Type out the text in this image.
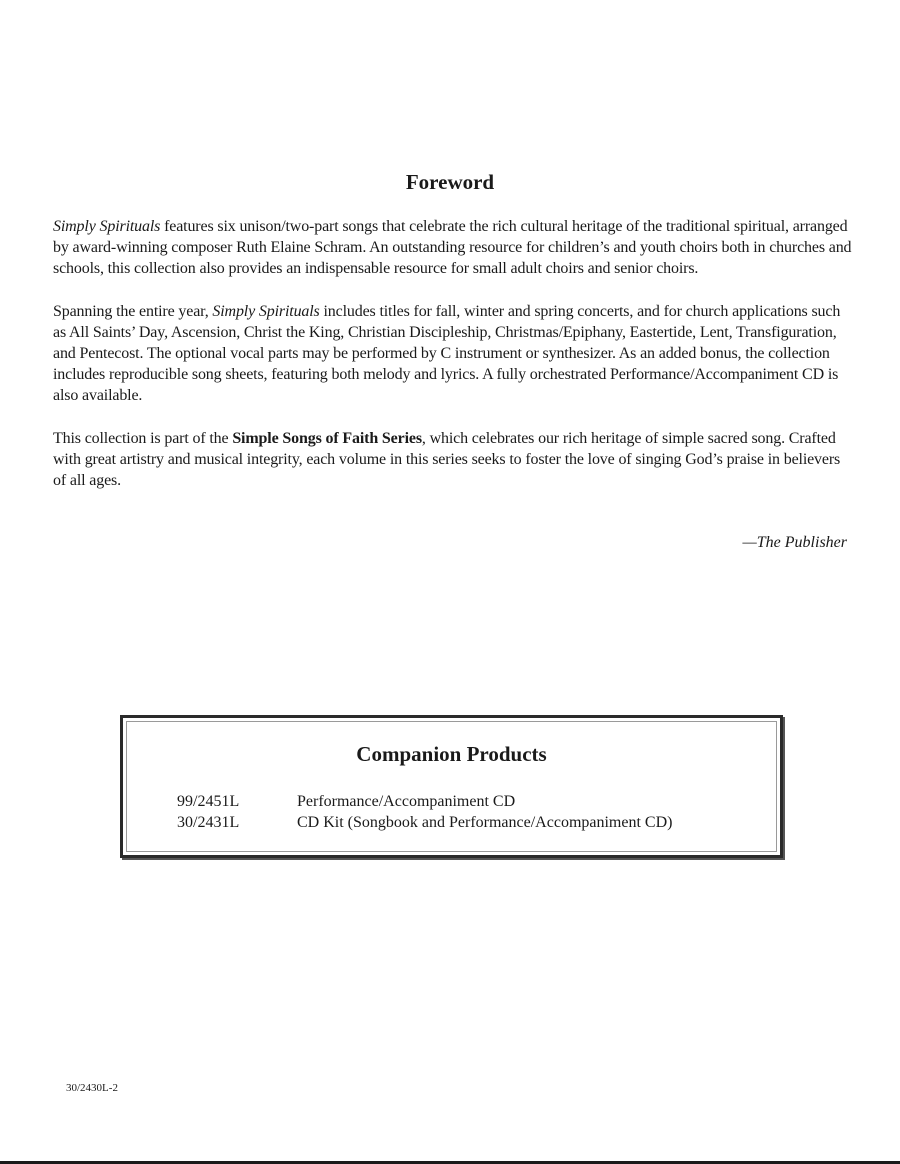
Foreword

Simply Spirituals features six unison/two-part songs that celebrate the rich cultural heritage of the traditional spiritual, arranged by award-winning composer Ruth Elaine Schram. An outstanding resource for children’s and youth choirs both in churches and schools, this collection also provides an indispensable resource for small adult choirs and senior choirs.

Spanning the entire year, Simply Spirituals includes titles for fall, winter and spring concerts, and for church applications such as All Saints’ Day, Ascension, Christ the King, Christian Discipleship, Christmas/Epiphany, Eastertide, Lent, Transfiguration, and Pentecost. The optional vocal parts may be performed by C instrument or synthesizer. As an added bonus, the collection includes reproducible song sheets, featuring both melody and lyrics. A fully orchestrated Performance/Accompaniment CD is also available.

This collection is part of the Simple Songs of Faith Series, which celebrates our rich heritage of simple sacred song. Crafted with great artistry and musical integrity, each volume in this series seeks to foster the love of singing God’s praise in believers of all ages.

—The Publisher
Companion Products
99/2451L	Performance/Accompaniment CD
30/2431L	CD Kit (Songbook and Performance/Accompaniment CD)
30/2430L-2
